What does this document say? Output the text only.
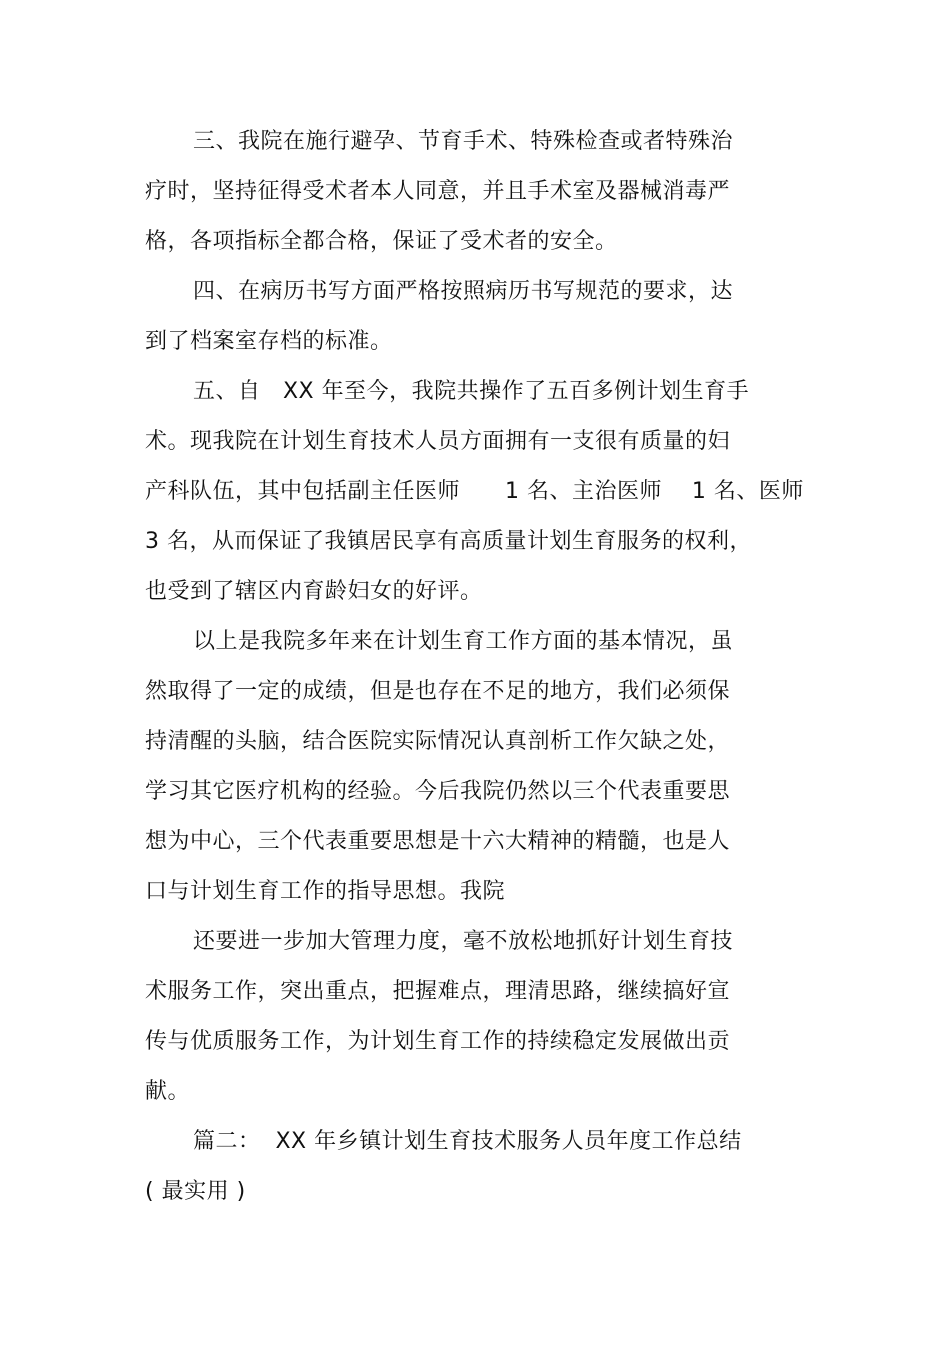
三、我院在施行避孕、节育手术、特殊检查或者特殊治
疗时，坚持征得受术者本人同意，并且手术室及器械消毒严
格，各项指标全都合格，保证了受术者的安全。
四、在病历书写方面严格按照病历书写规范的要求，达
到了档案室存档的标准。
五、自   XX 年至今，我院共操作了五百多例计划生育手
术。现我院在计划生育技术人员方面拥有一支很有质量的妇
产科队伍，其中包括副主任医师      1 名、主治医师    1 名、医师
3 名，从而保证了我镇居民享有高质量计划生育服务的权利，
也受到了辖区内育龄妇女的好评。
以上是我院多年来在计划生育工作方面的基本情况，虽
然取得了一定的成绩，但是也存在不足的地方，我们必须保
持清醒的头脑，结合医院实际情况认真剖析工作欠缺之处，
学习其它医疗机构的经验。今后我院仍然以三个代表重要思
想为中心，三个代表重要思想是十六大精神的精髓，也是人
口与计划生育工作的指导思想。我院
还要进一步加大管理力度，毫不放松地抓好计划生育技
术服务工作，突出重点，把握难点，理清思路，继续搞好宣
传与优质服务工作，为计划生育工作的持续稳定发展做出贡
献。
篇二：  XX 年乡镇计划生育技术服务人员年度工作总结
( 最实用 )
